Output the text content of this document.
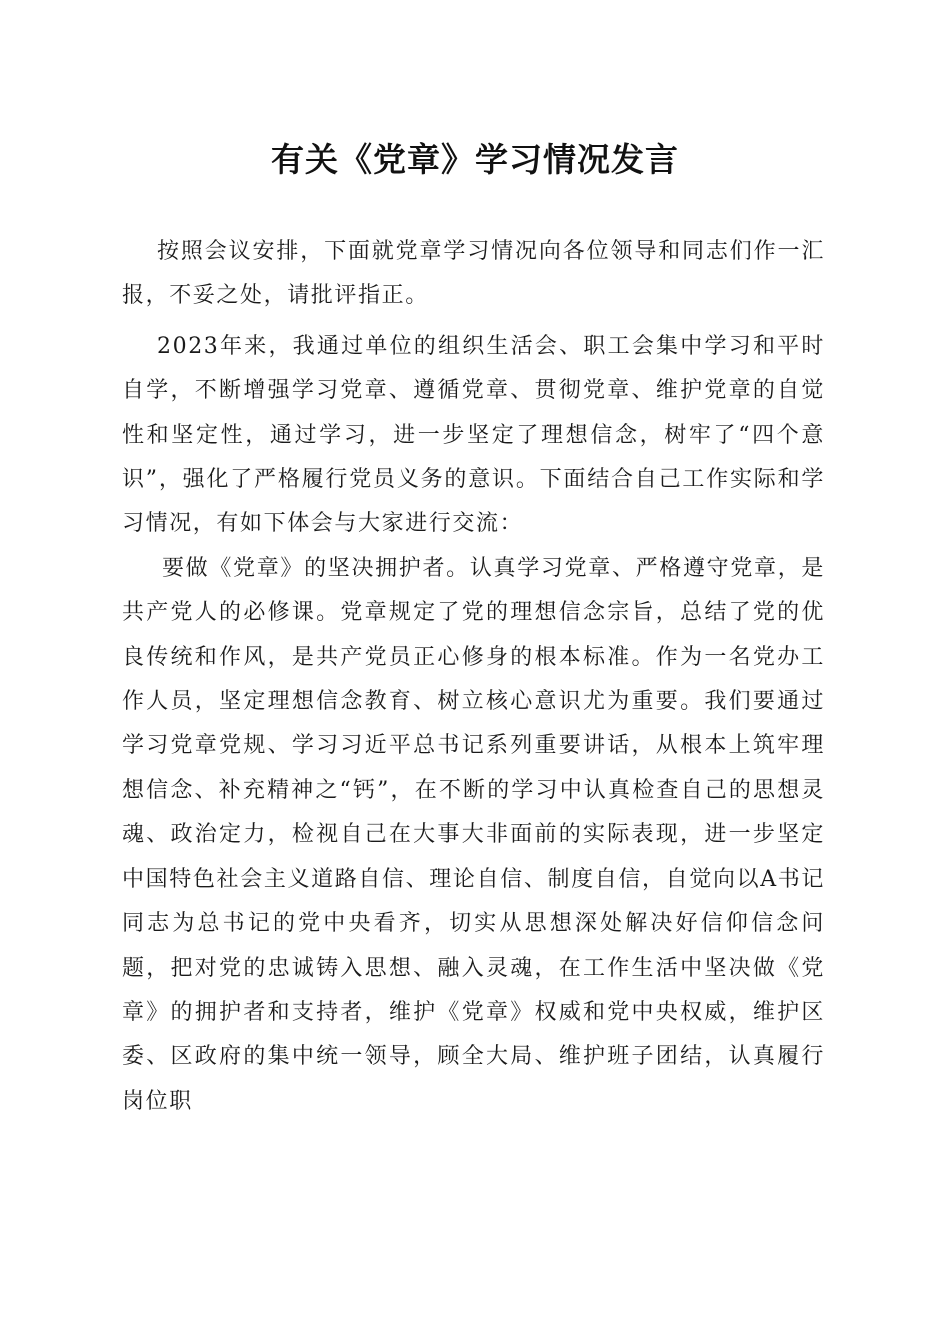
有关《党章》学习情况发言

按照会议安排，下面就党章学习情况向各位领导和同志们作一汇报，不妥之处，请批评指正。

2023年来，我通过单位的组织生活会、职工会集中学习和平时自学，不断增强学习党章、遵循党章、贯彻党章、维护党章的自觉性和坚定性，通过学习，进一步坚定了理想信念，树牢了“四个意识”，强化了严格履行党员义务的意识。下面结合自己工作实际和学习情况，有如下体会与大家进行交流：

要做《党章》的坚决拥护者。认真学习党章、严格遵守党章，是共产党人的必修课。党章规定了党的理想信念宗旨，总结了党的优良传统和作风，是共产党员正心修身的根本标准。作为一名党办工作人员，坚定理想信念教育、树立核心意识尤为重要。我们要通过学习党章党规、学习习近平总书记系列重要讲话，从根本上筑牢理想信念、补充精神之“钙”，在不断的学习中认真检查自己的思想灵魂、政治定力，检视自己在大事大非面前的实际表现，进一步坚定中国特色社会主义道路自信、理论自信、制度自信，自觉向以A书记同志为总书记的党中央看齐，切实从思想深处解决好信仰信念问题，把对党的忠诚铸入思想、融入灵魂，在工作生活中坚决做《党章》的拥护者和支持者，维护《党章》权威和党中央权威，维护区委、区政府的集中统一领导，顾全大局、维护班子团结，认真履行岗位职
